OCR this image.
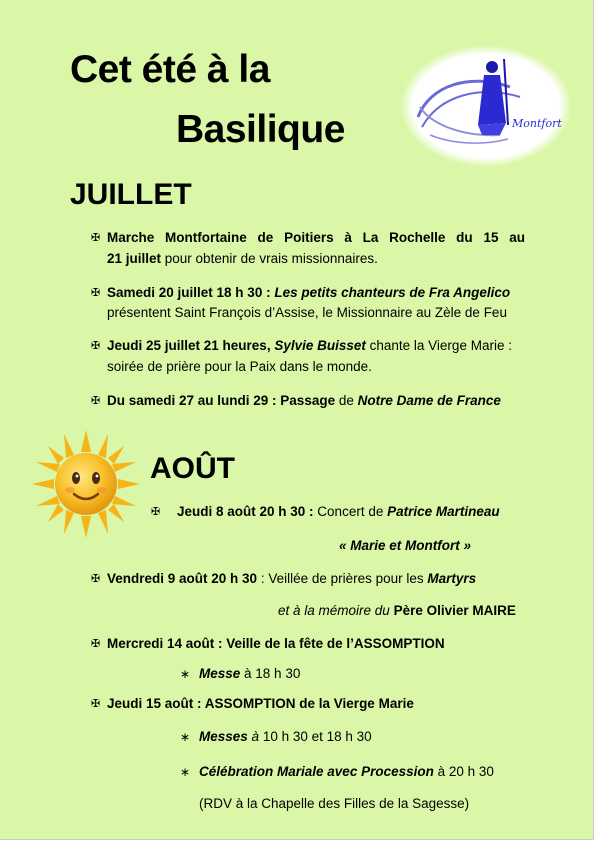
Cet été à la
Basilique	Montfort
JUILLET
✠ Marche Montfortaine de Poitiers à La Rochelle du 15 au
21 juillet pour obtenir de vrais missionnaires.
✠ Samedi 20 juillet 18 h 30 : Les petits chanteurs de Fra Angelico
présentent Saint François d’Assise, le Missionnaire au Zèle de Feu
✠ Jeudi 25 juillet 21 heures, Sylvie Buisset chante la Vierge Marie :
soirée de prière pour la Paix dans le monde.
✠ Du samedi 27 au lundi 29 : Passage de Notre Dame de France
AOÛT
✠ Jeudi 8 août 20 h 30 : Concert de Patrice Martineau
« Marie et Montfort »
✠ Vendredi 9 août 20 h 30 : Veillée de prières pour les Martyrs
et à la mémoire du Père Olivier MAIRE
✠ Mercredi 14 août : Veille de la fête de l’ASSOMPTION
∗ Messe à 18 h 30
✠ Jeudi 15 août : ASSOMPTION de la Vierge Marie
∗ Messes à 10 h 30 et 18 h 30
∗ Célébration Mariale avec Procession à 20 h 30
(RDV à la Chapelle des Filles de la Sagesse)
